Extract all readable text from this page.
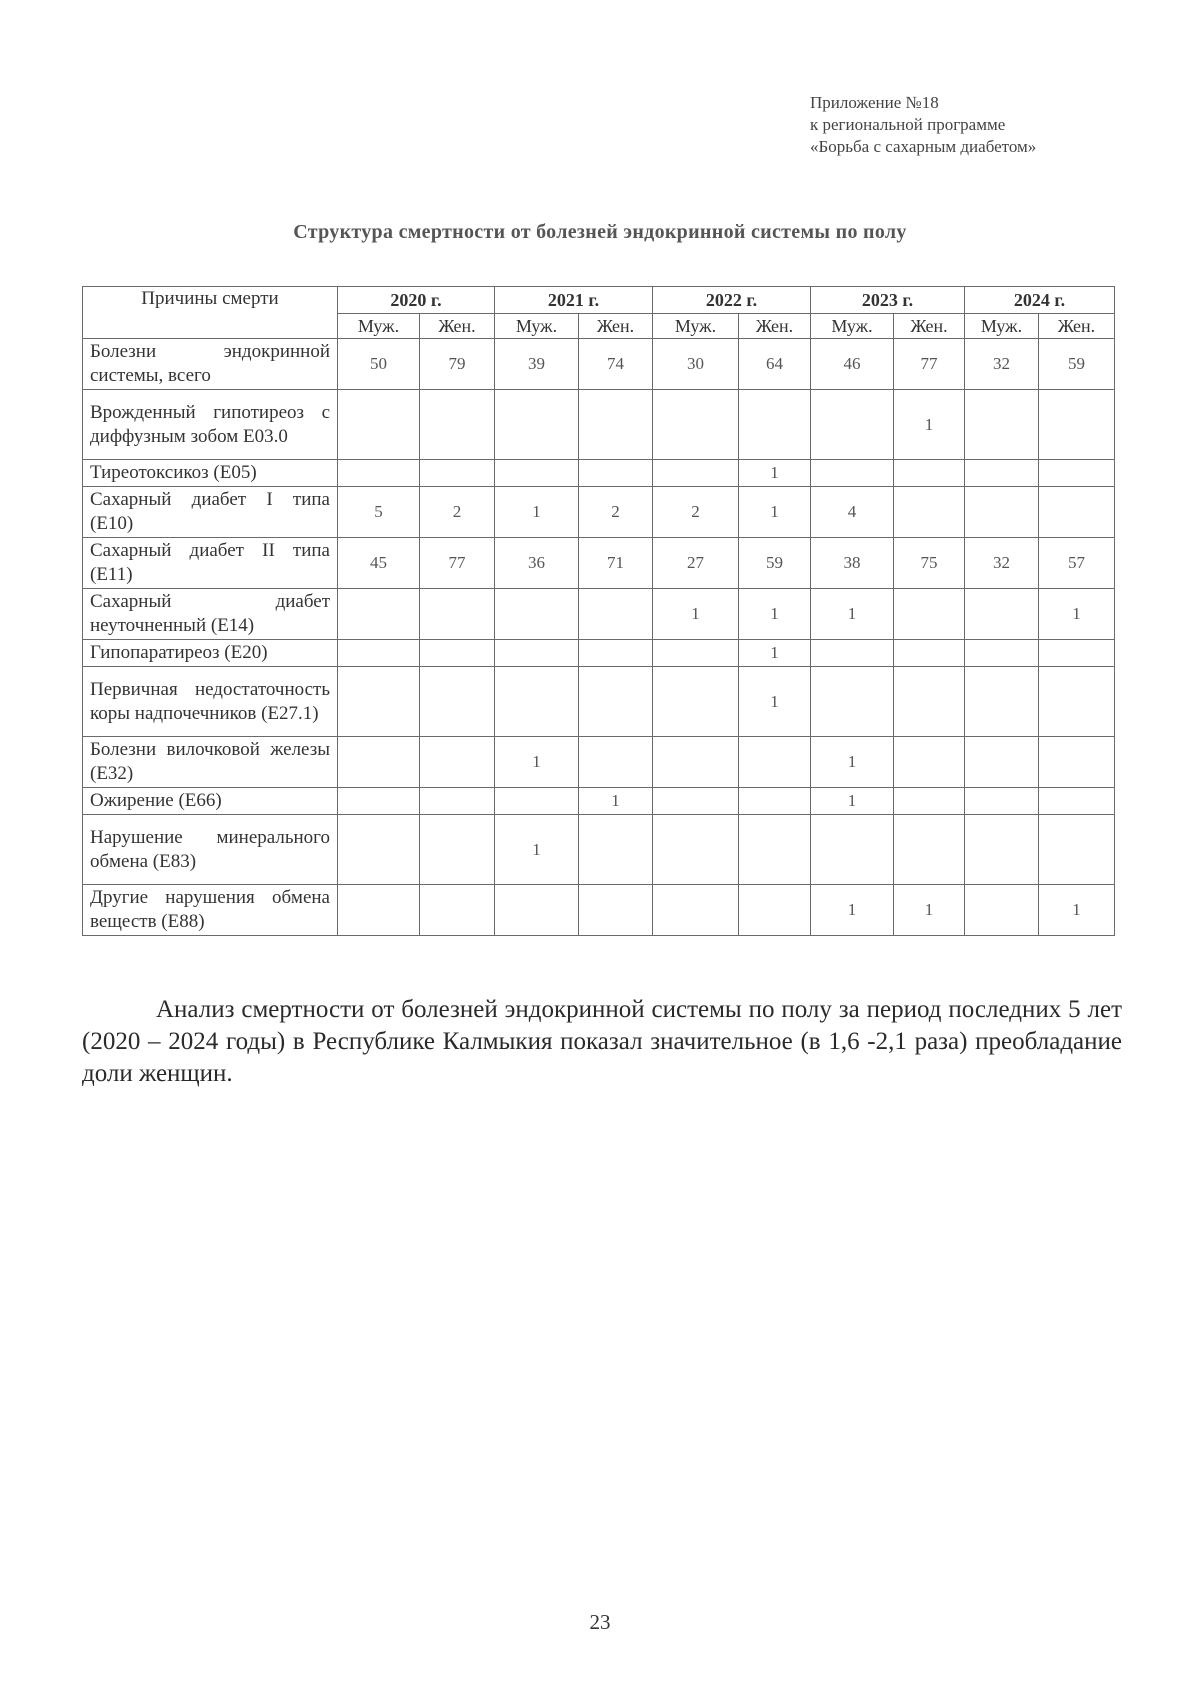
Приложение №18
к региональной программе
«Борьба с сахарным диабетом»
Структура смертности от болезней эндокринной системы по полу
Причины смерти	2020 г.		2021 г.		2022 г.		2023 г.		2024 г.	
	Муж.	Жен.	Муж.	Жен.	Муж.	Жен.	Муж.	Жен.	Муж.	Жен.
Болезни эндокринной системы, всего	50	79	39	74	30	64	46	77	32	59
Врожденный гипотиреоз с диффузным зобом Е03.0								1		
Тиреотоксикоз (Е05)						1				
Сахарный диабет I типа (Е10)	5	2	1	2	2	1	4			
Сахарный диабет II типа (Е11)	45	77	36	71	27	59	38	75	32	57
Сахарный диабет неуточненный (Е14)					1	1	1			1
Гипопаратиреоз (Е20)						1				
Первичная недостаточность коры надпочечников (Е27.1)						1				
Болезни вилочковой железы (Е32)			1				1			
Ожирение (Е66)				1			1			
Нарушение минерального обмена (Е83)			1							
Другие нарушения обмена веществ (Е88)							1	1		1
Анализ смертности от болезней эндокринной системы по полу за период последних 5 лет (2020 – 2024 годы) в Республике Калмыкия показал значительное (в 1,6 -2,1 раза) преобладание доли женщин.
23
